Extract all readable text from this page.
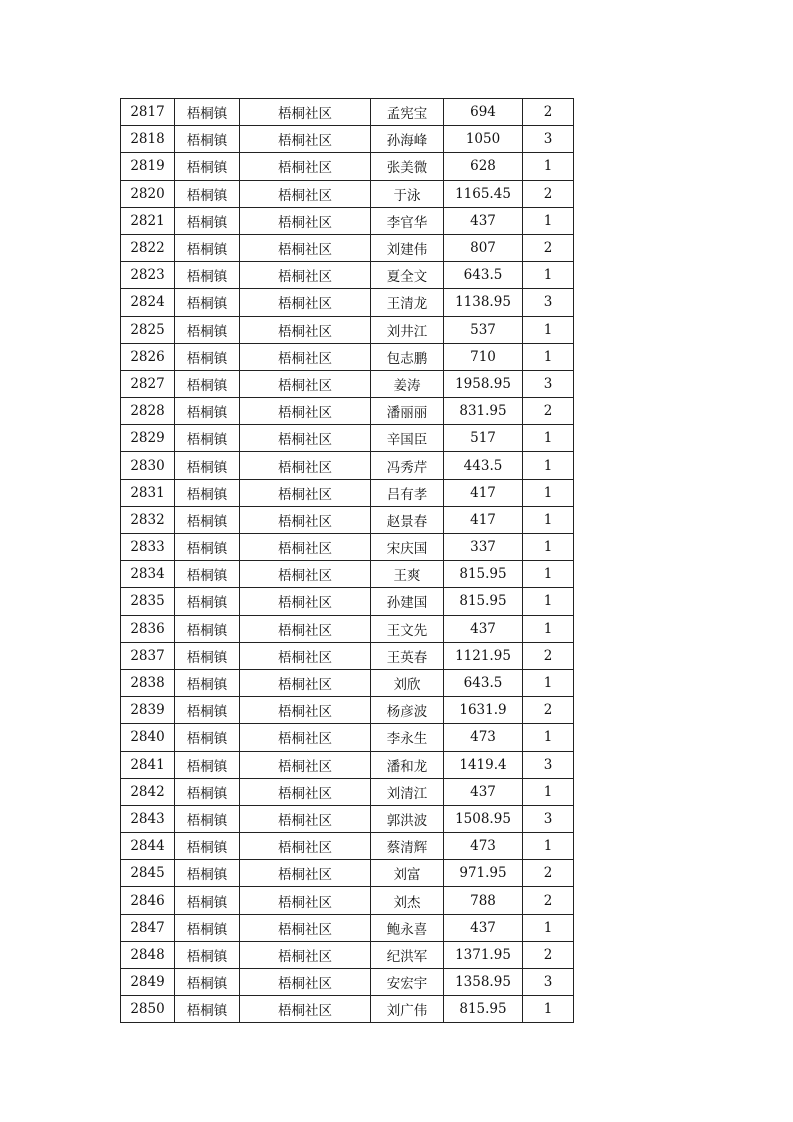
2817	梧桐镇	梧桐社区	孟宪宝	694	2
2818	梧桐镇	梧桐社区	孙海峰	1050	3
2819	梧桐镇	梧桐社区	张美微	628	1
2820	梧桐镇	梧桐社区	于泳	1165.45	2
2821	梧桐镇	梧桐社区	李官华	437	1
2822	梧桐镇	梧桐社区	刘建伟	807	2
2823	梧桐镇	梧桐社区	夏全文	643.5	1
2824	梧桐镇	梧桐社区	王清龙	1138.95	3
2825	梧桐镇	梧桐社区	刘井江	537	1
2826	梧桐镇	梧桐社区	包志鹏	710	1
2827	梧桐镇	梧桐社区	姜涛	1958.95	3
2828	梧桐镇	梧桐社区	潘丽丽	831.95	2
2829	梧桐镇	梧桐社区	辛国臣	517	1
2830	梧桐镇	梧桐社区	冯秀芹	443.5	1
2831	梧桐镇	梧桐社区	吕有孝	417	1
2832	梧桐镇	梧桐社区	赵景春	417	1
2833	梧桐镇	梧桐社区	宋庆国	337	1
2834	梧桐镇	梧桐社区	王爽	815.95	1
2835	梧桐镇	梧桐社区	孙建国	815.95	1
2836	梧桐镇	梧桐社区	王文先	437	1
2837	梧桐镇	梧桐社区	王英春	1121.95	2
2838	梧桐镇	梧桐社区	刘欣	643.5	1
2839	梧桐镇	梧桐社区	杨彦波	1631.9	2
2840	梧桐镇	梧桐社区	李永生	473	1
2841	梧桐镇	梧桐社区	潘和龙	1419.4	3
2842	梧桐镇	梧桐社区	刘清江	437	1
2843	梧桐镇	梧桐社区	郭洪波	1508.95	3
2844	梧桐镇	梧桐社区	蔡清辉	473	1
2845	梧桐镇	梧桐社区	刘富	971.95	2
2846	梧桐镇	梧桐社区	刘杰	788	2
2847	梧桐镇	梧桐社区	鲍永喜	437	1
2848	梧桐镇	梧桐社区	纪洪军	1371.95	2
2849	梧桐镇	梧桐社区	安宏宇	1358.95	3
2850	梧桐镇	梧桐社区	刘广伟	815.95	1
